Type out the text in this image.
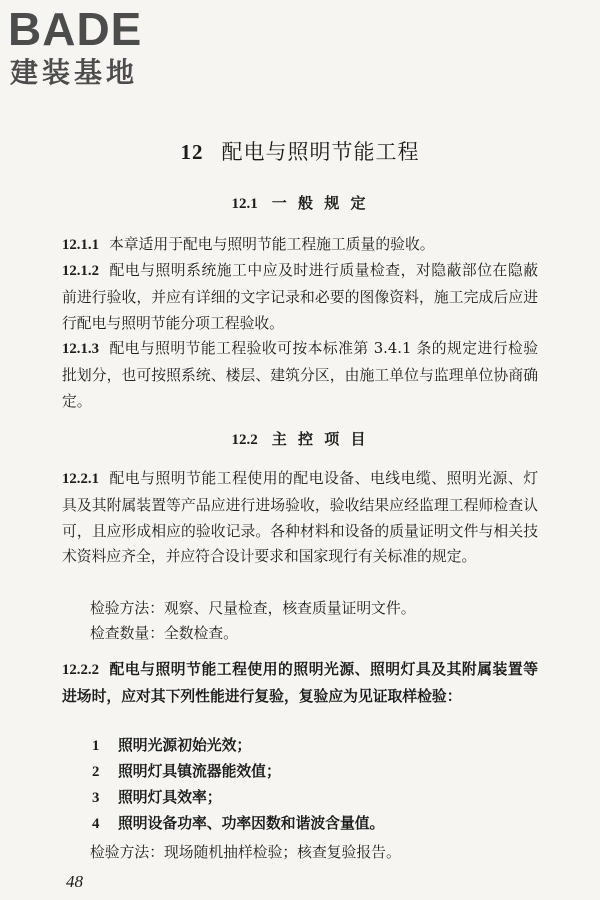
BADE
建装基地
12 配电与照明节能工程
12.1 一 般 规 定
12.1.1 本章适用于配电与照明节能工程施工质量的验收。
12.1.2 配电与照明系统施工中应及时进行质量检查，对隐蔽部位在隐蔽前进行验收，并应有详细的文字记录和必要的图像资料，施工完成后应进行配电与照明节能分项工程验收。
12.1.3 配电与照明节能工程验收可按本标准第 3.4.1 条的规定进行检验批划分，也可按照系统、楼层、建筑分区，由施工单位与监理单位协商确定。
12.2 主 控 项 目
12.2.1 配电与照明节能工程使用的配电设备、电线电缆、照明光源、灯具及其附属装置等产品应进行进场验收，验收结果应经监理工程师检查认可，且应形成相应的验收记录。各种材料和设备的质量证明文件与相关技术资料应齐全，并应符合设计要求和国家现行有关标准的规定。
检验方法：观察、尺量检查，核查质量证明文件。
检查数量：全数检查。
12.2.2 配电与照明节能工程使用的照明光源、照明灯具及其附属装置等进场时，应对其下列性能进行复验，复验应为见证取样检验：
1 照明光源初始光效；
2 照明灯具镇流器能效值；
3 照明灯具效率；
4 照明设备功率、功率因数和谐波含量值。
检验方法：现场随机抽样检验；核查复验报告。
48
